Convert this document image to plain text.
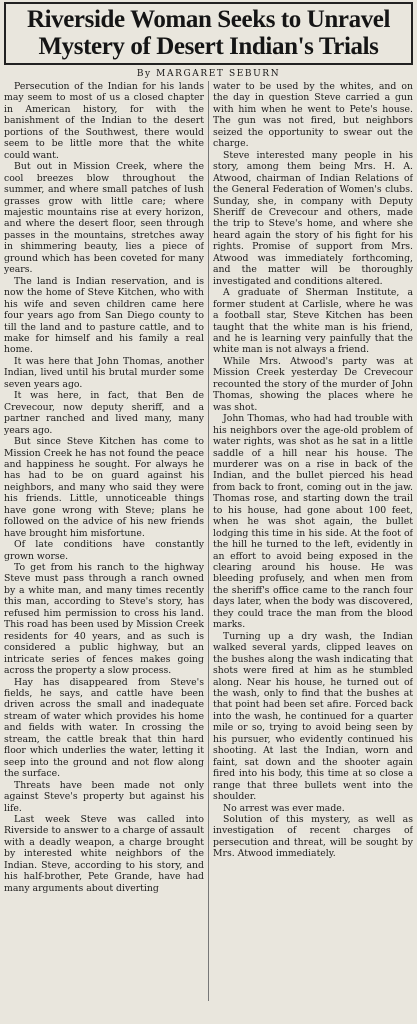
Riverside Woman Seeks to Unravel
Mystery of Desert Indian's Trials
By MARGARET SEBURN

Persecution of the Indian for his lands may seem to most of us a closed chapter in American history, for with the banishment of the Indian to the desert portions of the Southwest, there would seem to be little more that the white could want.

But out in Mission Creek, where the cool breezes blow throughout the summer, and where small patches of lush grasses grow with little care; where majestic mountains rise at every horizon, and where the desert floor, seen through passes in the mountains, stretches away in shimmering beauty, lies a piece of ground which has been coveted for many years.

The land is Indian reservation, and is now the home of Steve Kitchen, who with his wife and seven children came here four years ago from San Diego county to till the land and to pasture cattle, and to make for himself and his family a real home.

It was here that John Thomas, another Indian, lived until his brutal murder some seven years ago.

It was here, in fact, that Ben de Crevecour, now deputy sheriff, and a partner ranched and lived many, many years ago.

But since Steve Kitchen has come to Mission Creek he has not found the peace and happiness he sought. For always he has had to be on guard against his neighbors, and many who said they were his friends. Little, unnoticeable things have gone wrong with Steve; plans he followed on the advice of his new friends have brought him misfortune.

Of late conditions have constantly grown worse.

To get from his ranch to the highway Steve must pass through a ranch owned by a white man, and many times recently this man, according to Steve's story, has refused him permission to cross his land. This road has been used by Mission Creek residents for 40 years, and as such is considered a public highway, but an intricate series of fences makes going across the property a slow process.

Hay has disappeared from Steve's fields, he says, and cattle have been driven across the small and inadequate stream of water which provides his home and fields with water. In crossing the stream, the cattle break that thin hard floor which underlies the water, letting it seep into the ground and not flow along the surface.

Threats have been made not only against Steve's property but against his life.

Last week Steve was called into Riverside to answer to a charge of assault with a deadly weapon, a charge brought by interested white neighbors of the Indian. Steve, according to his story, and his half-brother, Pete Grande, have had many arguments about diverting

water to be used by the whites, and on the day in question Steve carried a gun with him when he went to Pete's house. The gun was not fired, but neighbors seized the opportunity to swear out the charge.

Steve interested many people in his story, among them being Mrs. H. A. Atwood, chairman of Indian Relations of the General Federation of Women's clubs. Sunday, she, in company with Deputy Sheriff de Crevecour and others, made the trip to Steve's home, and where she heard again the story of his fight for his rights. Promise of support from Mrs. Atwood was immediately forthcoming, and the matter will be thoroughly investigated and conditions altered.

A graduate of Sherman Institute, a former student at Carlisle, where he was a football star, Steve Kitchen has been taught that the white man is his friend, and he is learning very painfully that the white man is not always a friend.

While Mrs. Atwood's party was at Mission Creek yesterday De Crevecour recounted the story of the murder of John Thomas, showing the places where he was shot.

John Thomas, who had had trouble with his neighbors over the age-old problem of water rights, was shot as he sat in a little saddle of a hill near his house. The murderer was on a rise in back of the Indian, and the bullet pierced his head from back to front, coming out in the jaw. Thomas rose, and starting down the trail to his house, had gone about 100 feet, when he was shot again, the bullet lodging this time in his side. At the foot of the hill he turned to the left, evidently in an effort to avoid being exposed in the clearing around his house. He was bleeding profusely, and when men from the sheriff's office came to the ranch four days later, when the body was discovered, they could trace the man from the blood marks.

Turning up a dry wash, the Indian walked several yards, clipped leaves on the bushes along the wash indicating that shots were fired at him as he stumbled along. Near his house, he turned out of the wash, only to find that the bushes at that point had been set afire. Forced back into the wash, he continued for a quarter mile or so, trying to avoid being seen by his pursuer, who evidently continued his shooting. At last the Indian, worn and faint, sat down and the shooter again fired into his body, this time at so close a range that three bullets went into the shoulder.

No arrest was ever made.

Solution of this mystery, as well as investigation of recent charges of persecution and threat, will be sought by Mrs. Atwood immediately.
